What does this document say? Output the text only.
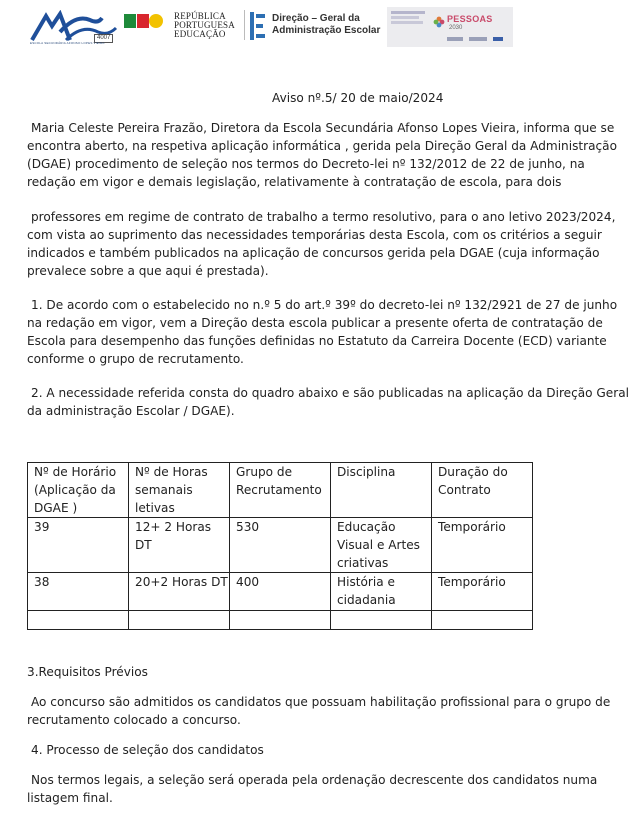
4007
ESCOLA SECUNDÁRIA AFONSO LOPES VIEIRA
REPÚBLICA
PORTUGUESA
EDUCAÇÃO
Direção – Geral da
Administração Escolar
PESSOAS
2030
Aviso nº.5/ 20 de maio/2024

Maria Celeste Pereira Frazão, Diretora da Escola Secundária Afonso Lopes Vieira, informa que se encontra aberto, na respetiva aplicação informática , gerida pela Direção Geral da Administração (DGAE) procedimento de seleção nos termos do Decreto-lei nº 132/2012 de 22 de junho, na redação em vigor e demais legislação, relativamente à contratação de escola, para dois

professores em regime de contrato de trabalho a termo resolutivo, para o ano letivo 2023/2024, com vista ao suprimento das necessidades temporárias desta Escola, com os critérios a seguir indicados e também publicados na aplicação de concursos gerida pela DGAE (cuja informação prevalece sobre a que aqui é prestada).

1. De acordo com o estabelecido no n.º 5 do art.º 39º do decreto-lei nº 132/2921 de 27 de junho na redação em vigor, vem a Direção desta escola publicar a presente oferta de contratação de Escola para desempenho das funções definidas no Estatuto da Carreira Docente (ECD) variante conforme o grupo de recrutamento.

2. A necessidade referida consta do quadro abaixo e são publicadas na aplicação da Direção Geral da administração Escolar / DGAE).

Nº de Horário (Aplicação da DGAE )	Nº de Horas semanais letivas	Grupo de Recrutamento	Disciplina	Duração do Contrato
39	12+ 2 Horas DT	530	Educação Visual e Artes criativas	Temporário
38	20+2 Horas DT	400	História e cidadania	Temporário

3.Requisitos Prévios

Ao concurso são admitidos os candidatos que possuam habilitação profissional para o grupo de recrutamento colocado a concurso.

4. Processo de seleção dos candidatos

Nos termos legais, a seleção será operada pela ordenação decrescente dos candidatos numa listagem final.
